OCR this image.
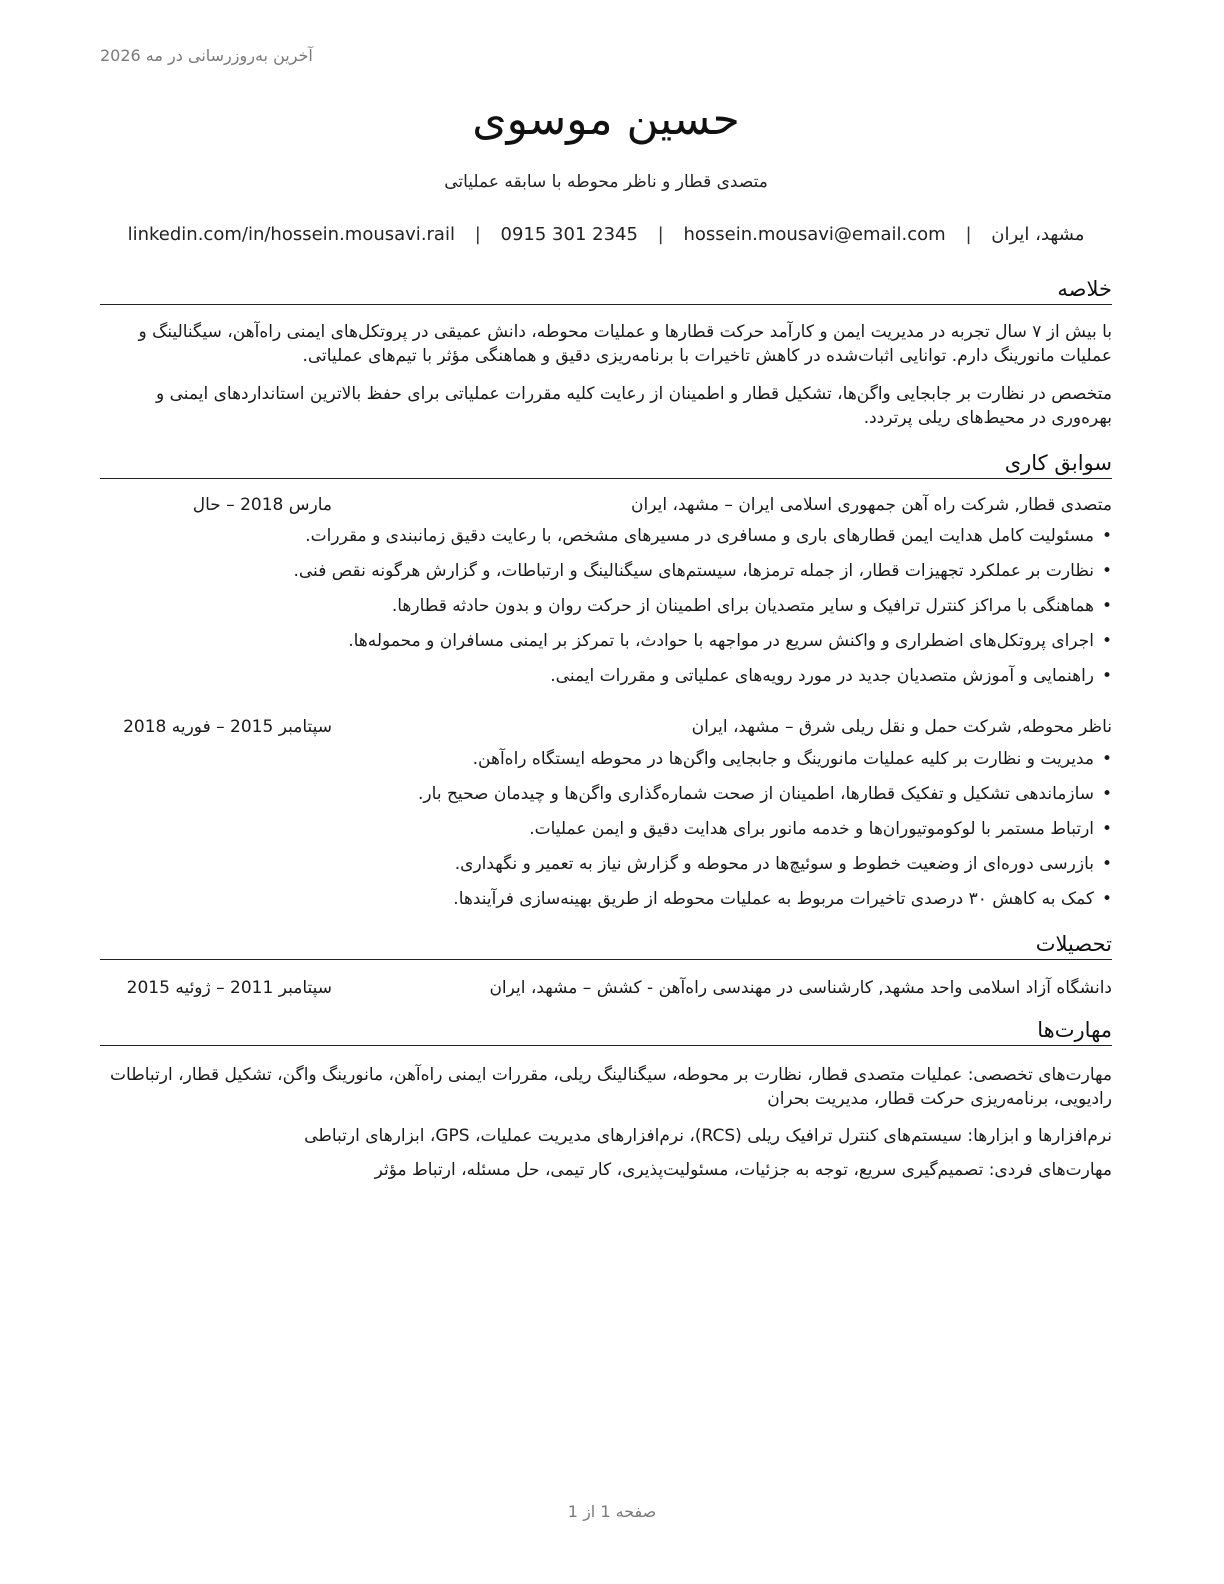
آخرین به‌روزرسانی در مه 2026
حسین موسوی
متصدی قطار و ناظر محوطه با سابقه عملیاتی
مشهد، ایران | hossein.mousavi@email.com | 0915 301 2345 | linkedin.com/in/hossein.mousavi.rail
خلاصه
با بیش از ۷ سال تجربه در مدیریت ایمن و کارآمد حرکت قطارها و عملیات محوطه، دانش عمیقی در پروتکل‌های ایمنی راه‌آهن، سیگنالینگ و عملیات مانورینگ دارم. توانایی اثبات‌شده در کاهش تاخیرات با برنامه‌ریزی دقیق و هماهنگی مؤثر با تیم‌های عملیاتی.
متخصص در نظارت بر جابجایی واگن‌ها، تشکیل قطار و اطمینان از رعایت کلیه مقررات عملیاتی برای حفظ بالاترین استانداردهای ایمنی و بهره‌وری در محیط‌های ریلی پرتردد.
سوابق کاری
متصدی قطار, شرکت راه آهن جمهوری اسلامی ایران – مشهد، ایران
مارس 2018 – حال
•مسئولیت کامل هدایت ایمن قطارهای باری و مسافری در مسیرهای مشخص، با رعایت دقیق زمانبندی و مقررات.
•نظارت بر عملکرد تجهیزات قطار، از جمله ترمزها، سیستم‌های سیگنالینگ و ارتباطات، و گزارش هرگونه نقص فنی.
•هماهنگی با مراکز کنترل ترافیک و سایر متصدیان برای اطمینان از حرکت روان و بدون حادثه قطارها.
•اجرای پروتکل‌های اضطراری و واکنش سریع در مواجهه با حوادث، با تمرکز بر ایمنی مسافران و محموله‌ها.
•راهنمایی و آموزش متصدیان جدید در مورد رویه‌های عملیاتی و مقررات ایمنی.
ناظر محوطه, شرکت حمل و نقل ریلی شرق – مشهد، ایران
سپتامبر 2015 – فوریه 2018
•مدیریت و نظارت بر کلیه عملیات مانورینگ و جابجایی واگن‌ها در محوطه ایستگاه راه‌آهن.
•سازماندهی تشکیل و تفکیک قطارها، اطمینان از صحت شماره‌گذاری واگن‌ها و چیدمان صحیح بار.
•ارتباط مستمر با لوکوموتیوران‌ها و خدمه مانور برای هدایت دقیق و ایمن عملیات.
•بازرسی دوره‌ای از وضعیت خطوط و سوئیچ‌ها در محوطه و گزارش نیاز به تعمیر و نگهداری.
•کمک به کاهش ۳۰ درصدی تاخیرات مربوط به عملیات محوطه از طریق بهینه‌سازی فرآیندها.
تحصیلات
دانشگاه آزاد اسلامی واحد مشهد, کارشناسی در مهندسی راه‌آهن - کشش – مشهد، ایران
سپتامبر 2011 – ژوئیه 2015
مهارت‌ها
مهارت‌های تخصصی: عملیات متصدی قطار، نظارت بر محوطه، سیگنالینگ ریلی، مقررات ایمنی راه‌آهن، مانورینگ واگن، تشکیل قطار، ارتباطات رادیویی، برنامه‌ریزی حرکت قطار، مدیریت بحران
نرم‌افزارها و ابزارها: سیستم‌های کنترل ترافیک ریلی (RCS)، نرم‌افزارهای مدیریت عملیات، GPS، ابزارهای ارتباطی
مهارت‌های فردی: تصمیم‌گیری سریع، توجه به جزئیات، مسئولیت‌پذیری، کار تیمی، حل مسئله، ارتباط مؤثر
صفحه 1 از 1
